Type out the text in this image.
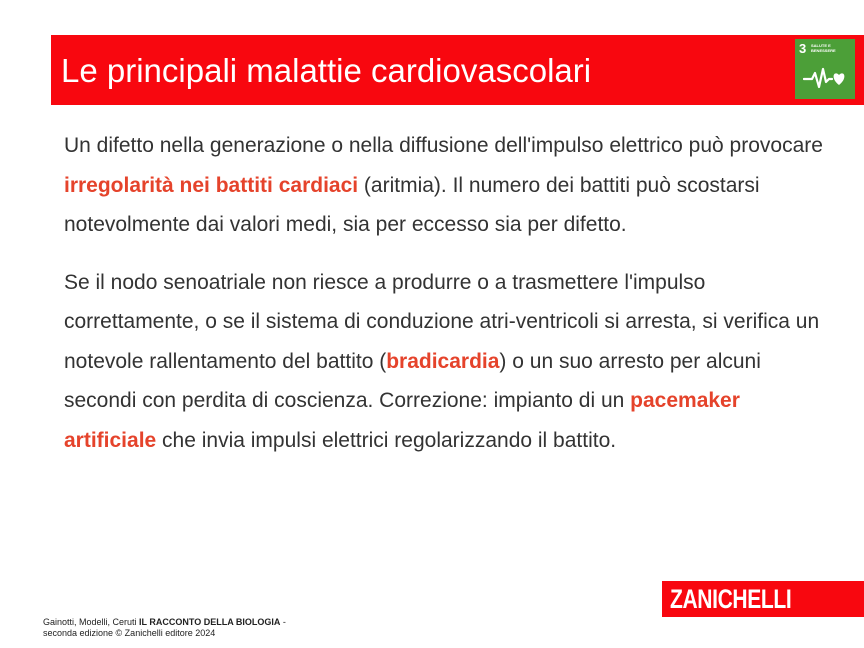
Le principali malattie cardiovascolari
3 SALUTE E BENESSERE

Un difetto nella generazione o nella diffusione dell'impulso elettrico può provocare irregolarità nei battiti cardiaci (aritmia). Il numero dei battiti può scostarsi notevolmente dai valori medi, sia per eccesso sia per difetto.

Se il nodo senoatriale non riesce a produrre o a trasmettere l'impulso correttamente, o se il sistema di conduzione atri-ventricoli si arresta, si verifica un notevole rallentamento del battito (bradicardia) o un suo arresto per alcuni secondi con perdita di coscienza. Correzione: impianto di un pacemaker artificiale che invia impulsi elettrici regolarizzando il battito.

Gainotti, Modelli, Ceruti IL RACCONTO DELLA BIOLOGIA -
seconda edizione © Zanichelli editore 2024
ZANICHELLI
